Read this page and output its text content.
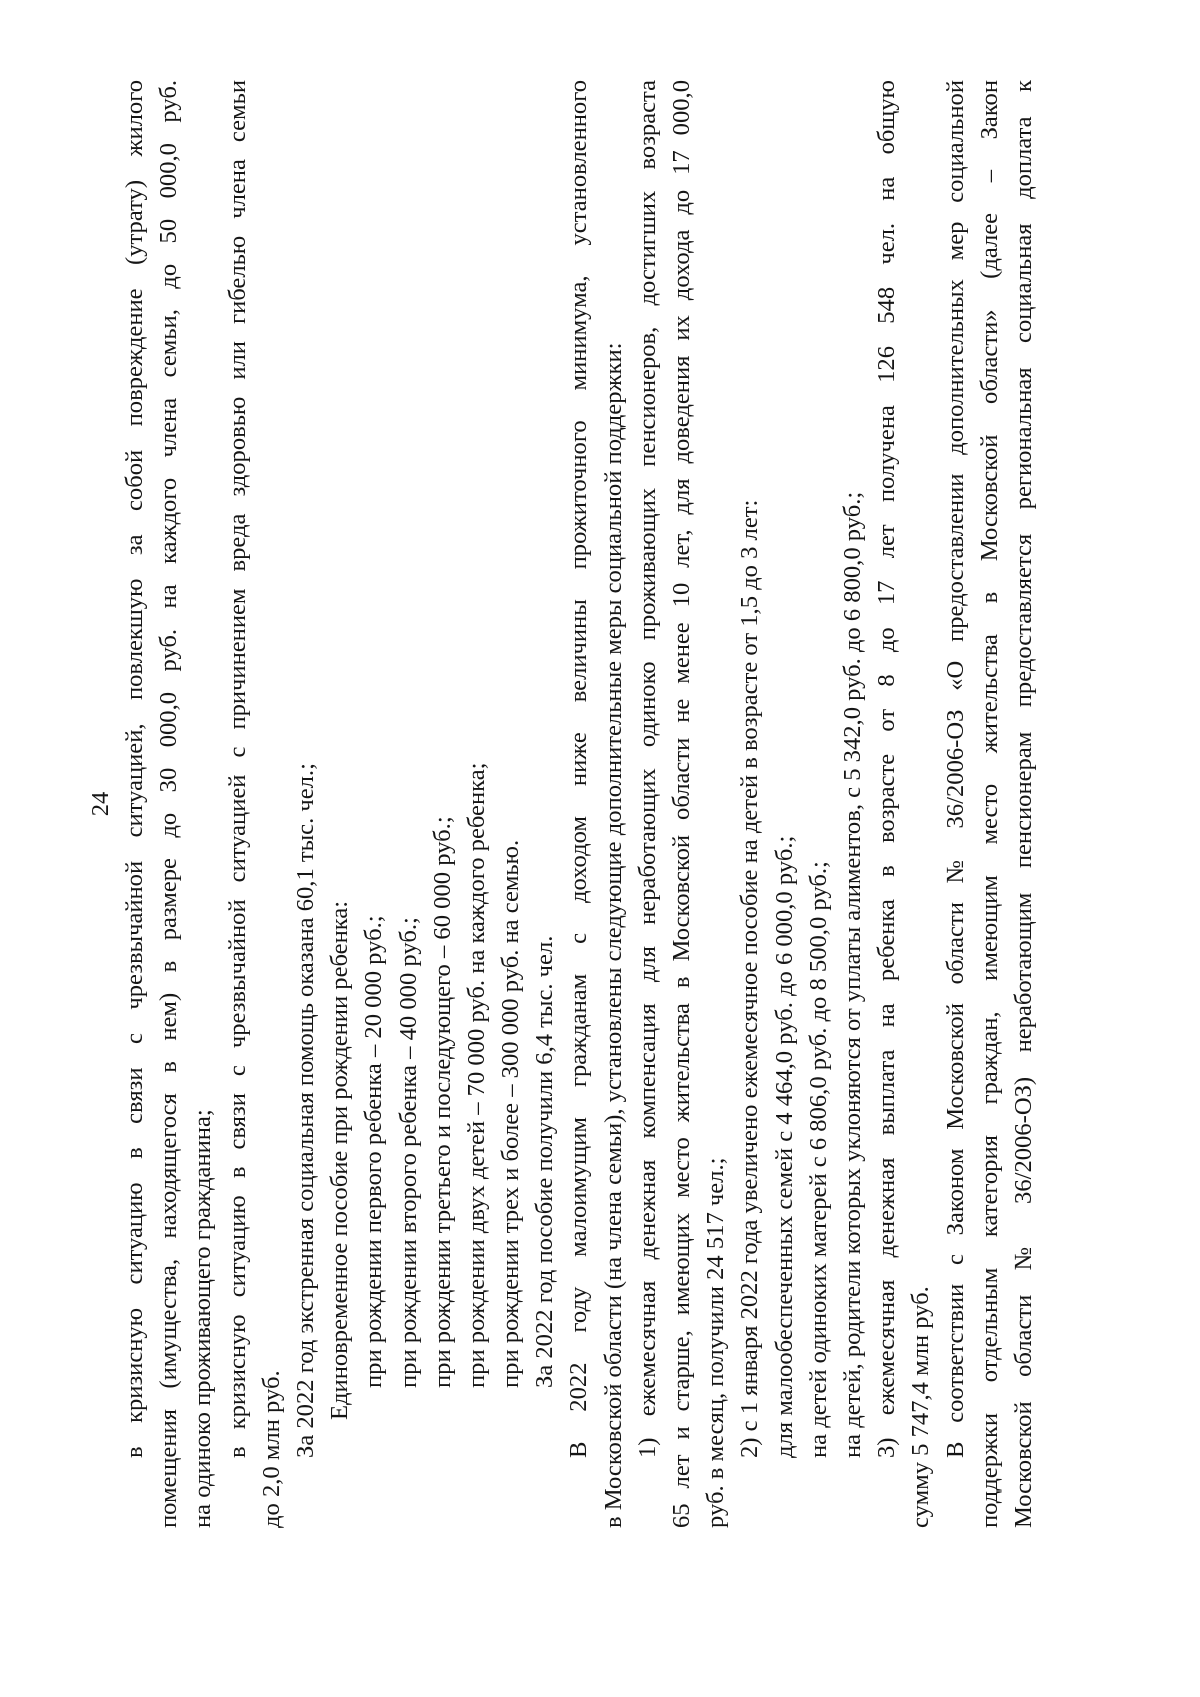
24 в кризисную ситуацию в связи с чрезвычайной ситуацией, повлекшую за собой повреждение (утрату) жилого помещения (имущества, находящегося в нем) в размере до 30 000,0 руб. на каждого члена семьи, до 50 000,0 руб. на одиноко проживающего гражданина; в кризисную ситуацию в связи с чрезвычайной ситуацией с причинением вреда здоровью или гибелью члена семьи до 2,0 млн руб. За 2022 год экстренная социальная помощь оказана 60,1 тыс. чел.; Единовременное пособие при рождении ребенка: при рождении первого ребенка – 20 000 руб.; при рождении второго ребенка – 40 000 руб.; при рождении третьего и последующего – 60 000 руб.; при рождении двух детей – 70 000 руб. на каждого ребенка; при рождении трех и более – 300 000 руб. на семью. За 2022 год пособие получили 6,4 тыс. чел. В 2022 году малоимущим гражданам с доходом ниже величины прожиточного минимума, установленного в Московской области (на члена семьи), установлены следующие дополнительные меры социальной поддержки: 1) ежемесячная денежная компенсация для неработающих одиноко проживающих пенсионеров, достигших возраста 65 лет и старше, имеющих место жительства в Московской области не менее 10 лет, для доведения их дохода до 17 000,0 руб. в месяц, получили 24 517 чел.; 2) с 1 января 2022 года увеличено ежемесячное пособие на детей в возрасте от 1,5 до 3 лет: для малообеспеченных семей с 4 464,0 руб. до 6 000,0 руб.; на детей одиноких матерей с 6 806,0 руб. до 8 500,0 руб.; на детей, родители которых уклоняются от уплаты алиментов, с 5 342,0 руб. до 6 800,0 руб.; 3) ежемесячная денежная выплата на ребенка в возрасте от 8 до 17 лет получена 126 548 чел. на общую сумму 5 747,4 млн руб. В соответствии с Законом Московской области № 36/2006-ОЗ «О предоставлении дополнительных мер социальной поддержки отдельным категория граждан, имеющим место жительства в Московской области» (далее – Закон Московской области № 36/2006-ОЗ) неработающим пенсионерам предоставляется региональная социальная доплата к
